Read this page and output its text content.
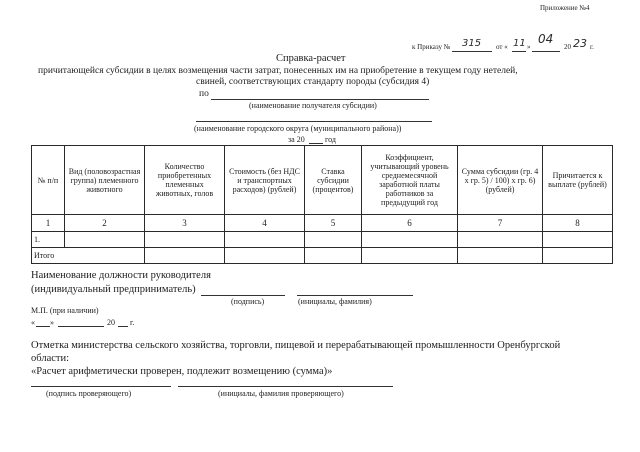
Приложение №4
к Приказу № 315 от « 11 »
04
20 23 г.
Справка-расчет
причитающейся субсидии в целях возмещения части затрат, понесенных им на приобретение в текущем году нетелей,
свиней, соответствующих стандарту породы (субсидия 4)
по
(наименование получателя субсидии)
(наименование городского округа (муниципального района))
за 20	год
№ п/п	Вид (половозрастная группа) племенного животного	Количество приобретенных племенных животных, голов	Стоимость (без НДС и транспортных расходов) (рублей)	Ставка субсидии (процентов)	Коэффициент, учитывающий уровень среднемесячной заработной платы работников за предыдущий год	Сумма субсидии (гр. 4 х гр. 5) / 100) х гр. 6) (рублей)	Причитается к выплате (рублей)
1	2	3	4	5	6	7	8
1.							
Итого							
Наименование должности руководителя
(индивидуальный предприниматель)
(подпись)	(инициалы, фамилия)
М.П. (при наличии)
« »	20 г.
Отметка министерства сельского хозяйства, торговли, пищевой и перерабатывающей промышленности Оренбургской
области:
«Расчет арифметически проверен, подлежит возмещению (сумма)»
(подпись проверяющего)	(инициалы, фамилия проверяющего)
